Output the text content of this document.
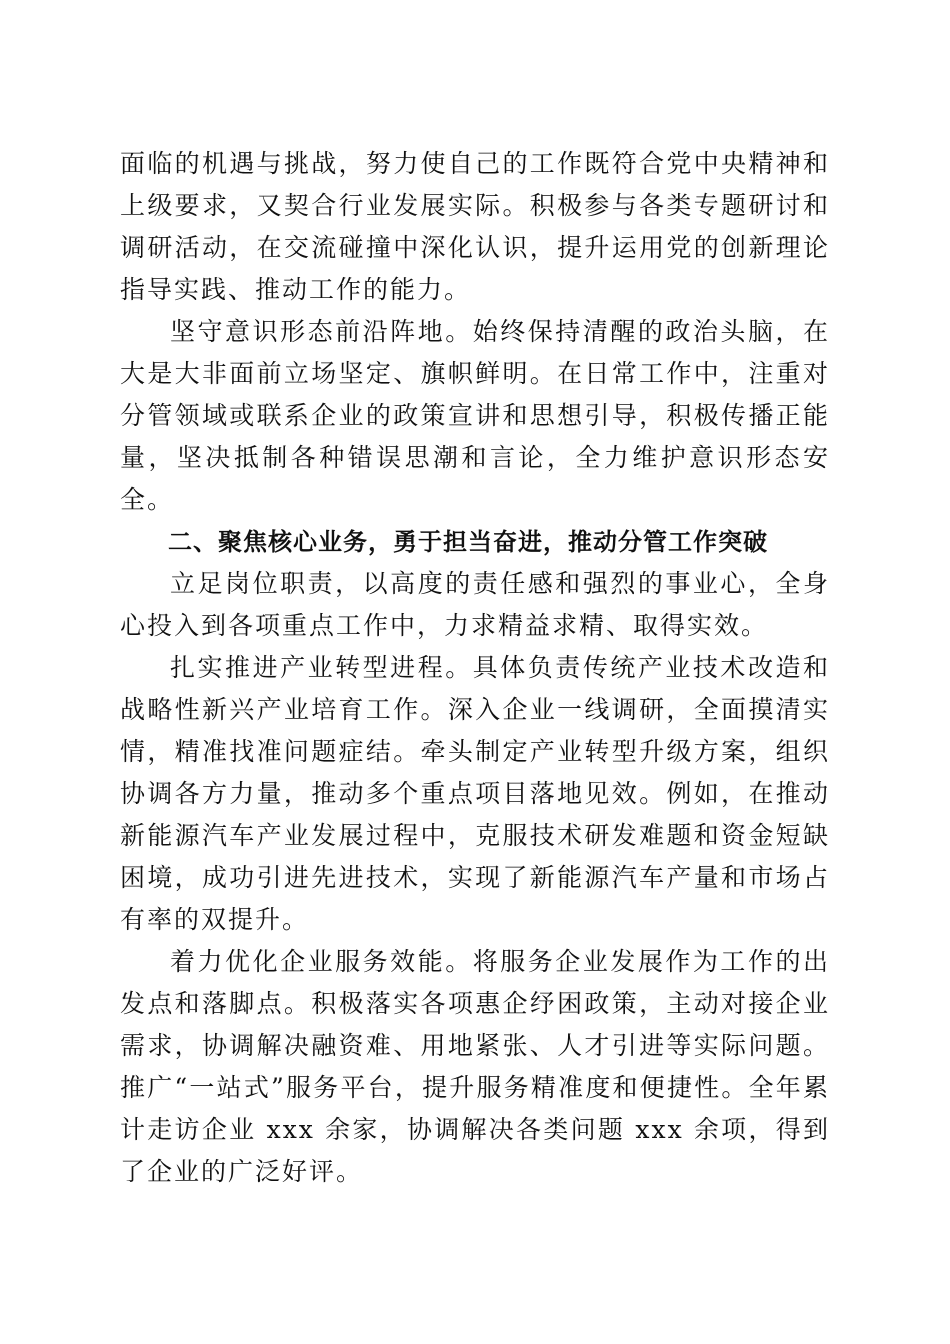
面临的机遇与挑战，努力使自己的工作既符合党中央精神和上级要求，又契合行业发展实际。积极参与各类专题研讨和调研活动，在交流碰撞中深化认识，提升运用党的创新理论指导实践、推动工作的能力。

坚守意识形态前沿阵地。始终保持清醒的政治头脑，在大是大非面前立场坚定、旗帜鲜明。在日常工作中，注重对分管领域或联系企业的政策宣讲和思想引导，积极传播正能量，坚决抵制各种错误思潮和言论，全力维护意识形态安全。

二、聚焦核心业务，勇于担当奋进，推动分管工作突破

立足岗位职责，以高度的责任感和强烈的事业心，全身心投入到各项重点工作中，力求精益求精、取得实效。

扎实推进产业转型进程。具体负责传统产业技术改造和战略性新兴产业培育工作。深入企业一线调研，全面摸清实情，精准找准问题症结。牵头制定产业转型升级方案，组织协调各方力量，推动多个重点项目落地见效。例如，在推动新能源汽车产业发展过程中，克服技术研发难题和资金短缺困境，成功引进先进技术，实现了新能源汽车产量和市场占有率的双提升。

着力优化企业服务效能。将服务企业发展作为工作的出发点和落脚点。积极落实各项惠企纾困政策，主动对接企业需求，协调解决融资难、用地紧张、人才引进等实际问题。推广“一站式”服务平台，提升服务精准度和便捷性。全年累计走访企业 xxx 余家，协调解决各类问题 xxx 余项，得到了企业的广泛好评。
